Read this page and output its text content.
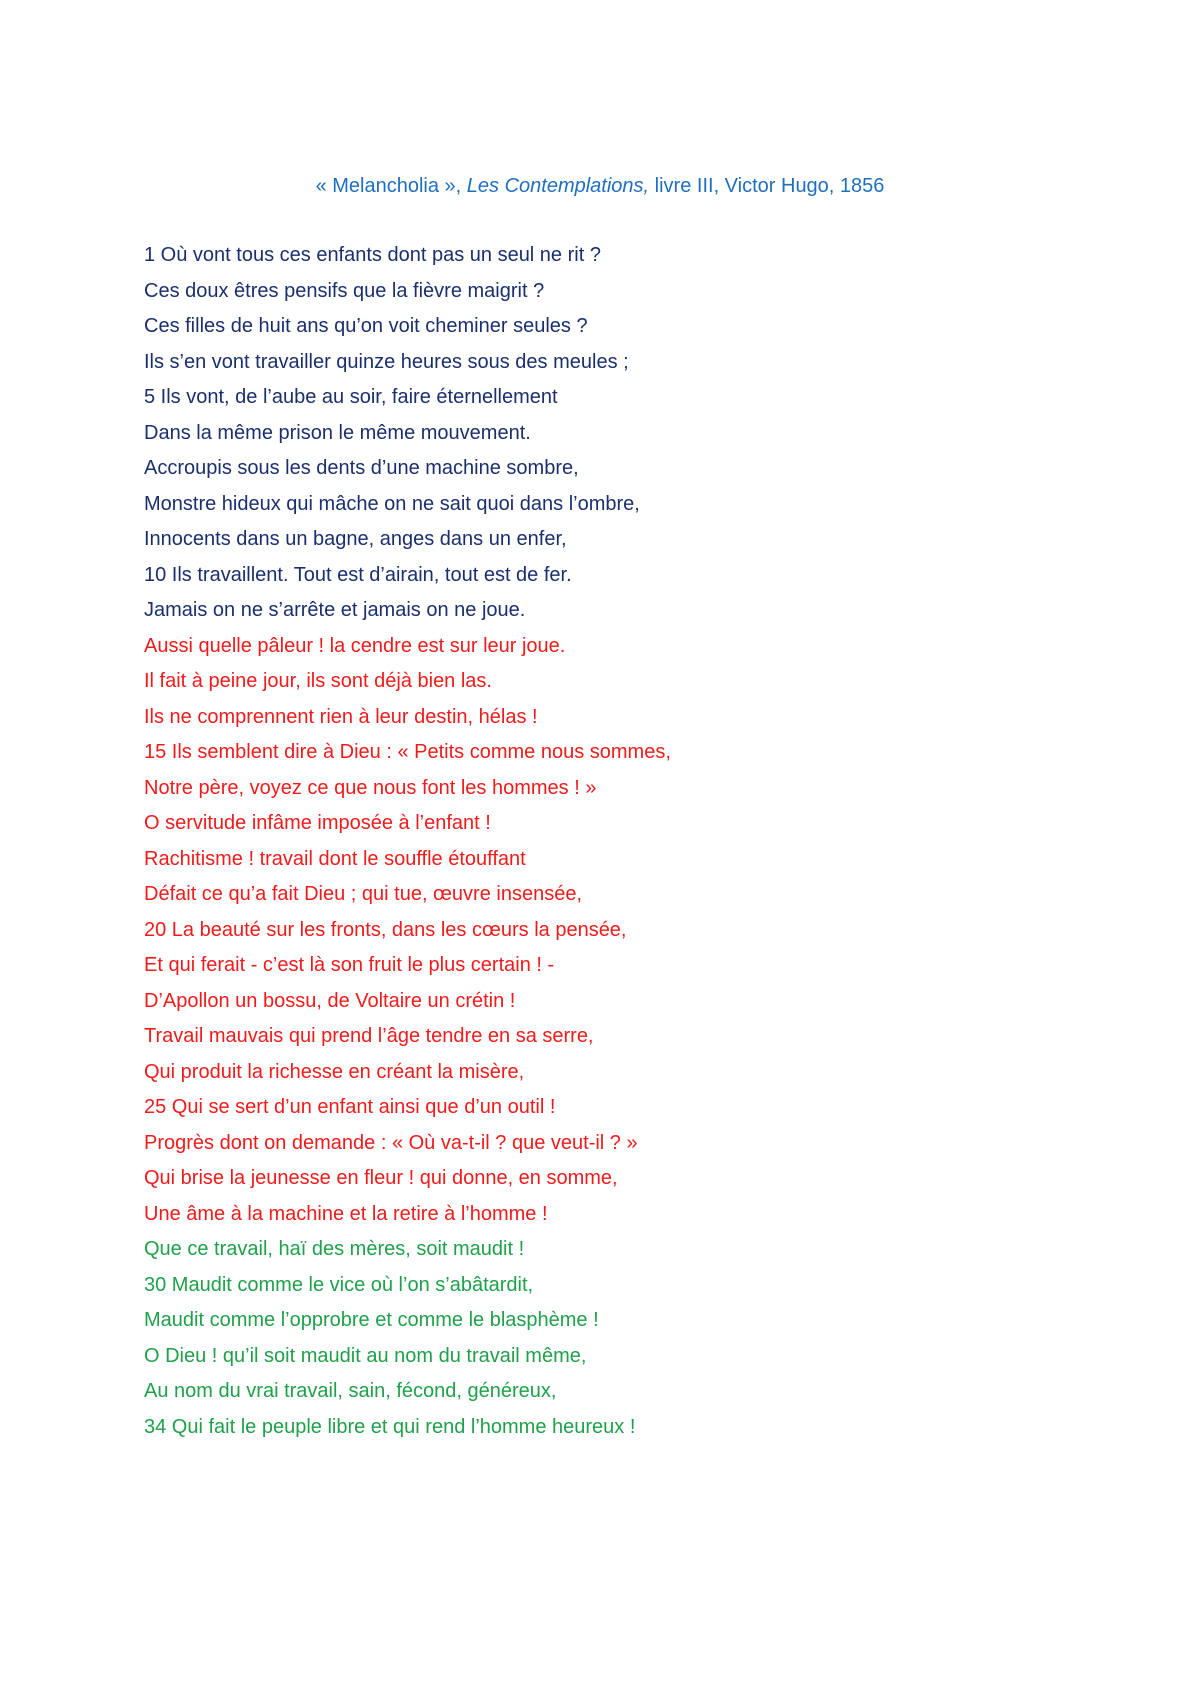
« Melancholia », Les Contemplations, livre III, Victor Hugo, 1856
1 Où vont tous ces enfants dont pas un seul ne rit ?
Ces doux êtres pensifs que la fièvre maigrit ?
Ces filles de huit ans qu’on voit cheminer seules ?
Ils s’en vont travailler quinze heures sous des meules ;
5 Ils vont, de l’aube au soir, faire éternellement
Dans la même prison le même mouvement.
Accroupis sous les dents d’une machine sombre,
Monstre hideux qui mâche on ne sait quoi dans l’ombre,
Innocents dans un bagne, anges dans un enfer,
10 Ils travaillent. Tout est d’airain, tout est de fer.
Jamais on ne s’arrête et jamais on ne joue.
Aussi quelle pâleur ! la cendre est sur leur joue.
Il fait à peine jour, ils sont déjà bien las.
Ils ne comprennent rien à leur destin, hélas !
15 Ils semblent dire à Dieu : « Petits comme nous sommes,
Notre père, voyez ce que nous font les hommes ! »
O servitude infâme imposée à l’enfant !
Rachitisme ! travail dont le souffle étouffant
Défait ce qu’a fait Dieu ; qui tue, œuvre insensée,
20 La beauté sur les fronts, dans les cœurs la pensée,
Et qui ferait - c’est là son fruit le plus certain ! -
D’Apollon un bossu, de Voltaire un crétin !
Travail mauvais qui prend l’âge tendre en sa serre,
Qui produit la richesse en créant la misère,
25 Qui se sert d’un enfant ainsi que d’un outil !
Progrès dont on demande : « Où va-t-il ? que veut-il ? »
Qui brise la jeunesse en fleur ! qui donne, en somme,
Une âme à la machine et la retire à l’homme !
Que ce travail, haï des mères, soit maudit !
30 Maudit comme le vice où l’on s’abâtardit,
Maudit comme l’opprobre et comme le blasphème !
O Dieu ! qu’il soit maudit au nom du travail même,
Au nom du vrai travail, sain, fécond, généreux,
34 Qui fait le peuple libre et qui rend l’homme heureux !
